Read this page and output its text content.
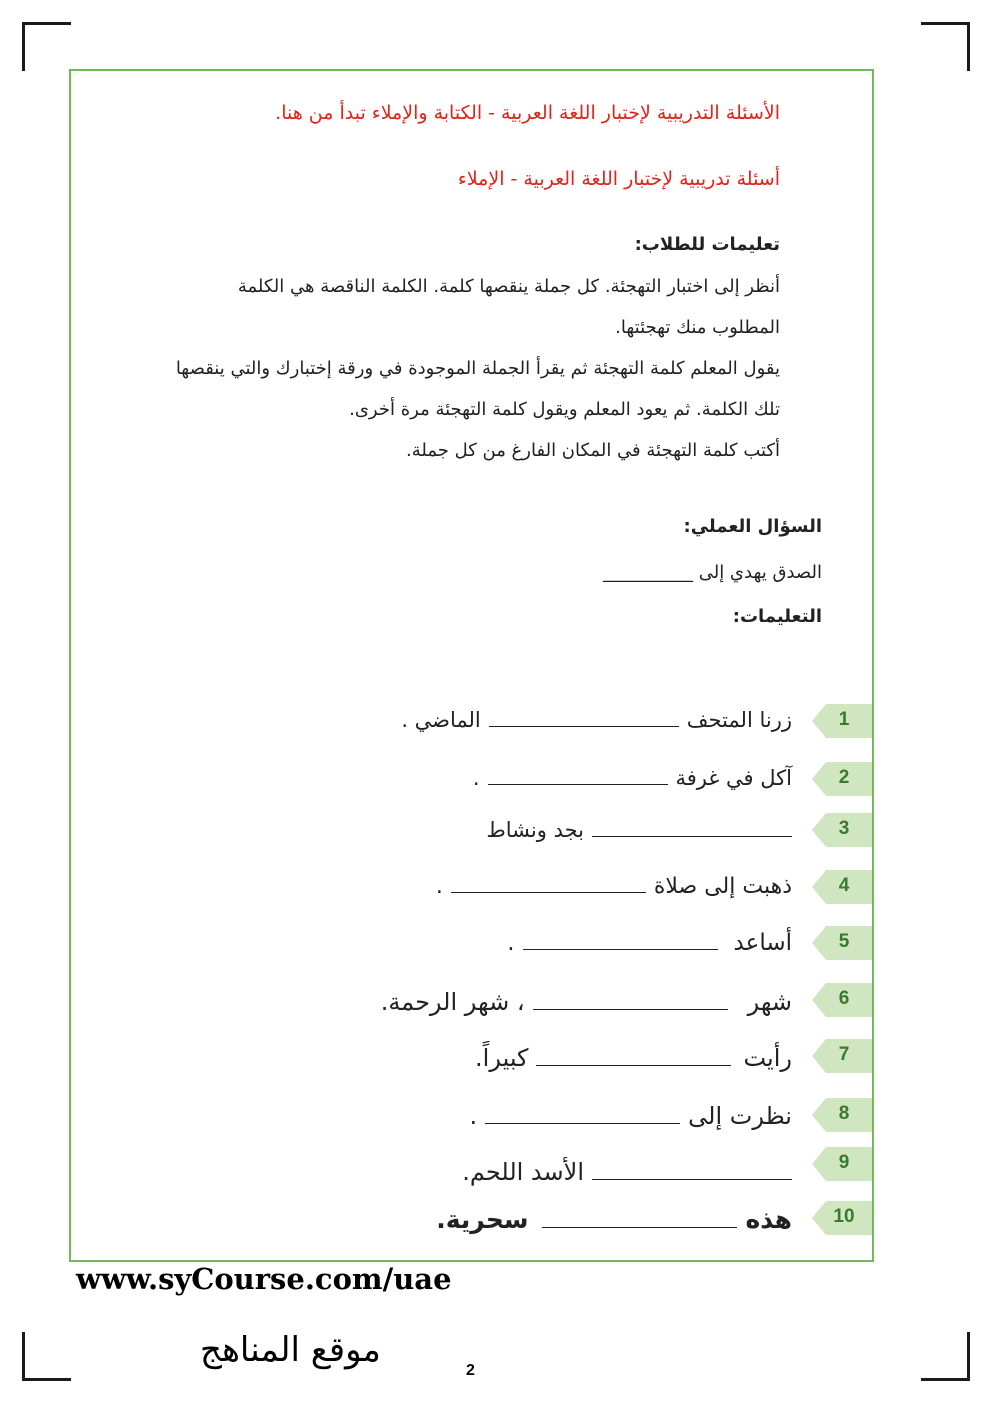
الأسئلة التدريبية لإختبار اللغة العربية - الكتابة والإملاء تبدأ من هنا.
أسئلة تدريبية لإختبار اللغة العربية - الإملاء
تعليمات للطلاب:
أنظر إلى اختبار التهجئة. كل جملة ينقصها كلمة. الكلمة الناقصة هي الكلمة
المطلوب منك تهجئتها.
يقول المعلم كلمة التهجئة ثم يقرأ الجملة الموجودة في ورقة إختبارك والتي ينقصها
تلك الكلمة. ثم يعود المعلم ويقول كلمة التهجئة مرة أخرى.
أكتب كلمة التهجئة في المكان الفارغ من كل جملة.
السؤال العملي:
الصدق يهدي إلى __________
التعليمات:
1
زرنا المتحفالماضي .
2
آكل في غرفة.
3
بجد ونشاط
4
ذهبت إلى صلاة.
5
أساعد.
6
شهر، شهر الرحمة.
7
رأيتكبيراً.
8
نظرت إلى.
9
الأسد اللحم.
10
هذهسحرية.
www.syCourse.com/uae
موقع المناهج
2
